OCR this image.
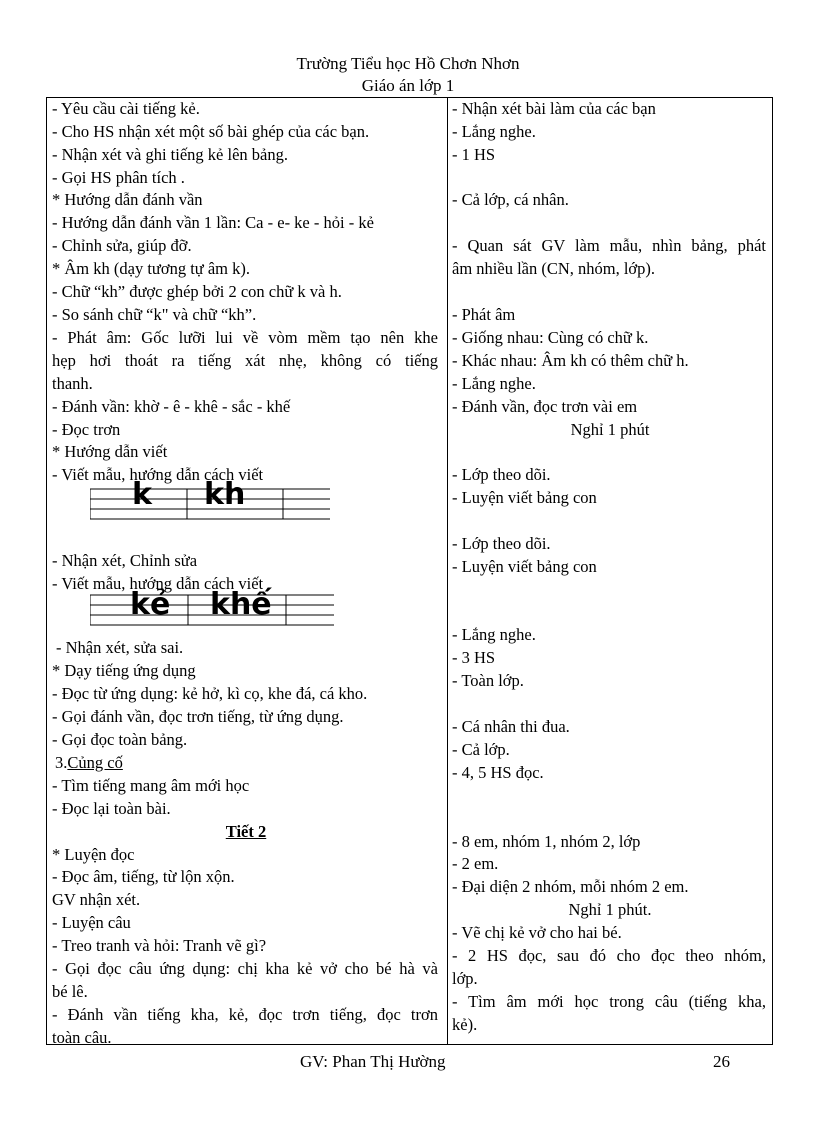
Trường Tiểu học Hồ Chơn Nhơn
Giáo án lớp 1
- Yêu cầu cài tiếng kẻ.
- Cho HS nhận xét một số bài ghép của các bạn.
- Nhận xét và ghi tiếng kẻ lên bảng.
- Gọi HS phân tích .
* Hướng dẫn đánh vần
- Hướng dẫn đánh vần 1 lần: Ca - e- ke - hỏi - kẻ
- Chỉnh sửa, giúp đỡ.
* Âm kh (dạy tương tự âm k).
- Chữ “kh” được ghép bởi 2 con chữ k và h.
- So sánh chữ “k" và chữ “kh”.
- Phát âm: Gốc lưỡi lui về vòm mềm tạo nên khe
hẹp hơi thoát ra tiếng xát nhẹ, không có tiếng
thanh.
- Đánh vần: khờ - ê - khê - sắc - khế
- Đọc trơn
* Hướng dẫn viết
- Viết mẫu, hướng dẫn cách viết
k kh
- Nhận xét, Chỉnh sửa
- Viết mẫu, hướng dẫn cách viết
kẻ khế
- Nhận xét, sửa sai.
* Dạy tiếng ứng dụng
- Đọc từ ứng dụng: kẻ hở, kì cọ, khe đá, cá kho.
- Gọi đánh vần, đọc trơn tiếng, từ ứng dụng.
- Gọi đọc toàn bảng.
3.Củng cố
- Tìm tiếng mang âm mới học
- Đọc lại toàn bài.
Tiết 2
* Luyện đọc
- Đọc âm, tiếng, từ lộn xộn.
GV nhận xét.
- Luyện câu
- Treo tranh và hỏi: Tranh vẽ gì?
- Gọi đọc câu ứng dụng: chị kha kẻ vở cho bé hà và
bé lê.
- Đánh vần tiếng kha, kẻ, đọc trơn tiếng, đọc trơn
toàn câu.
- Nhận xét bài làm của các bạn
- Lắng nghe.
- 1 HS
- Cả lớp, cá nhân.
- Quan sát GV làm mẫu, nhìn bảng, phát
âm nhiều lần (CN, nhóm, lớp).
- Phát âm
- Giống nhau: Cùng có chữ k.
- Khác nhau: Âm kh có thêm chữ h.
- Lắng nghe.
- Đánh vần, đọc trơn vài em
Nghỉ 1 phút
- Lớp theo dõi.
- Luyện viết bảng con
- Lớp theo dõi.
- Luyện viết bảng con
- Lắng nghe.
- 3 HS
- Toàn lớp.
- Cá nhân thi đua.
- Cả lớp.
- 4, 5 HS đọc.
- 8 em, nhóm 1, nhóm 2, lớp
- 2 em.
- Đại diện 2 nhóm, mỗi nhóm 2 em.
Nghỉ 1 phút.
- Vẽ chị kẻ vở cho hai bé.
- 2 HS đọc, sau đó cho đọc theo nhóm,
lớp.
- Tìm âm mới học trong câu (tiếng kha,
kẻ).
GV: Phan Thị Hường	26
